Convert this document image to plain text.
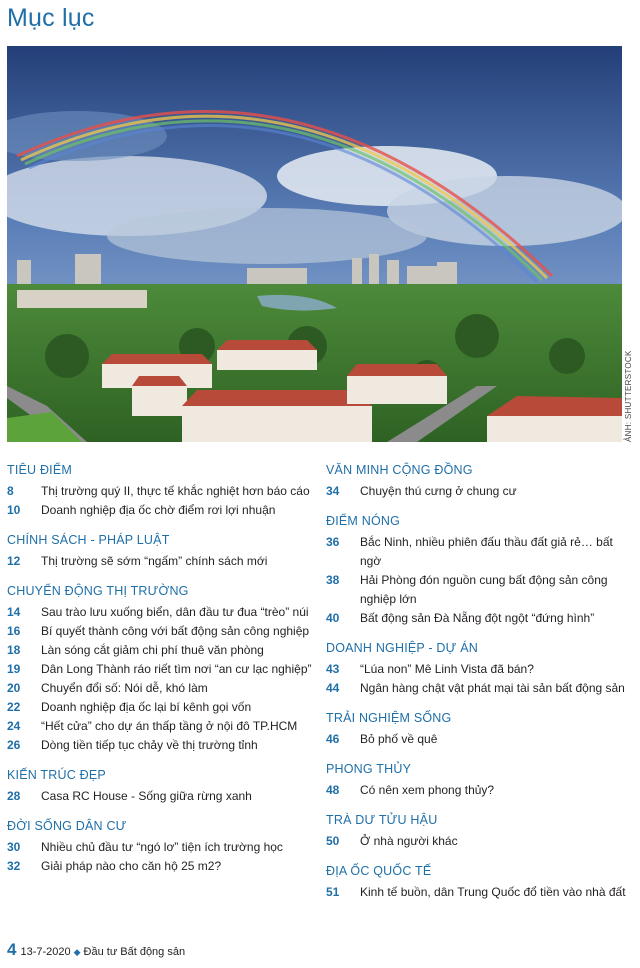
Mục lục
ẢNH: SHUTTERSTOCK
TIÊU ĐIỂM
8	Thị trường quý II, thực tế khắc nghiệt hơn báo cáo
10	Doanh nghiệp địa ốc chờ điểm rơi lợi nhuận
CHÍNH SÁCH - PHÁP LUẬT
12	Thị trường sẽ sớm “ngấm” chính sách mới
CHUYỂN ĐỘNG THỊ TRƯỜNG
14	Sau trào lưu xuống biển, dân đầu tư đua “trèo” núi
16	Bí quyết thành công với bất động sản công nghiệp
18	Làn sóng cắt giảm chi phí thuê văn phòng
19	Dân Long Thành ráo riết tìm nơi “an cư lạc nghiệp”
20	Chuyển đổi số: Nói dễ, khó làm
22	Doanh nghiệp địa ốc lại bí kênh gọi vốn
24	“Hết cửa” cho dự án thấp tầng ở nội đô TP.HCM
26	Dòng tiền tiếp tục chảy về thị trường tỉnh
KIẾN TRÚC ĐẸP
28	Casa RC House - Sống giữa rừng xanh
ĐỜI SỐNG DÂN CƯ
30	Nhiều chủ đầu tư “ngó lơ” tiện ích trường học
32	Giải pháp nào cho căn hộ 25 m2?
VĂN MINH CỘNG ĐỒNG
34	Chuyện thú cưng ở chung cư
ĐIỂM NÓNG
36	Bắc Ninh, nhiều phiên đấu thầu đất giả rẻ… bất ngờ
38	Hải Phòng đón nguồn cung bất động sản công nghiệp lớn
40	Bất động sản Đà Nẵng đột ngột “đứng hình”
DOANH NGHIỆP - DỰ ÁN
43	“Lúa non” Mê Linh Vista đã bán?
44	Ngân hàng chật vật phát mại tài sản bất động sản
TRẢI NGHIỆM SỐNG
46	Bỏ phố về quê
PHONG THỦY
48	Có nên xem phong thủy?
TRÀ DƯ TỬU HẬU
50	Ở nhà người khác
ĐỊA ỐC QUỐC TẾ
51	Kinh tế buồn, dân Trung Quốc đổ tiền vào nhà đất
4 13-7-2020 ◆ Đầu tư Bất động sản
